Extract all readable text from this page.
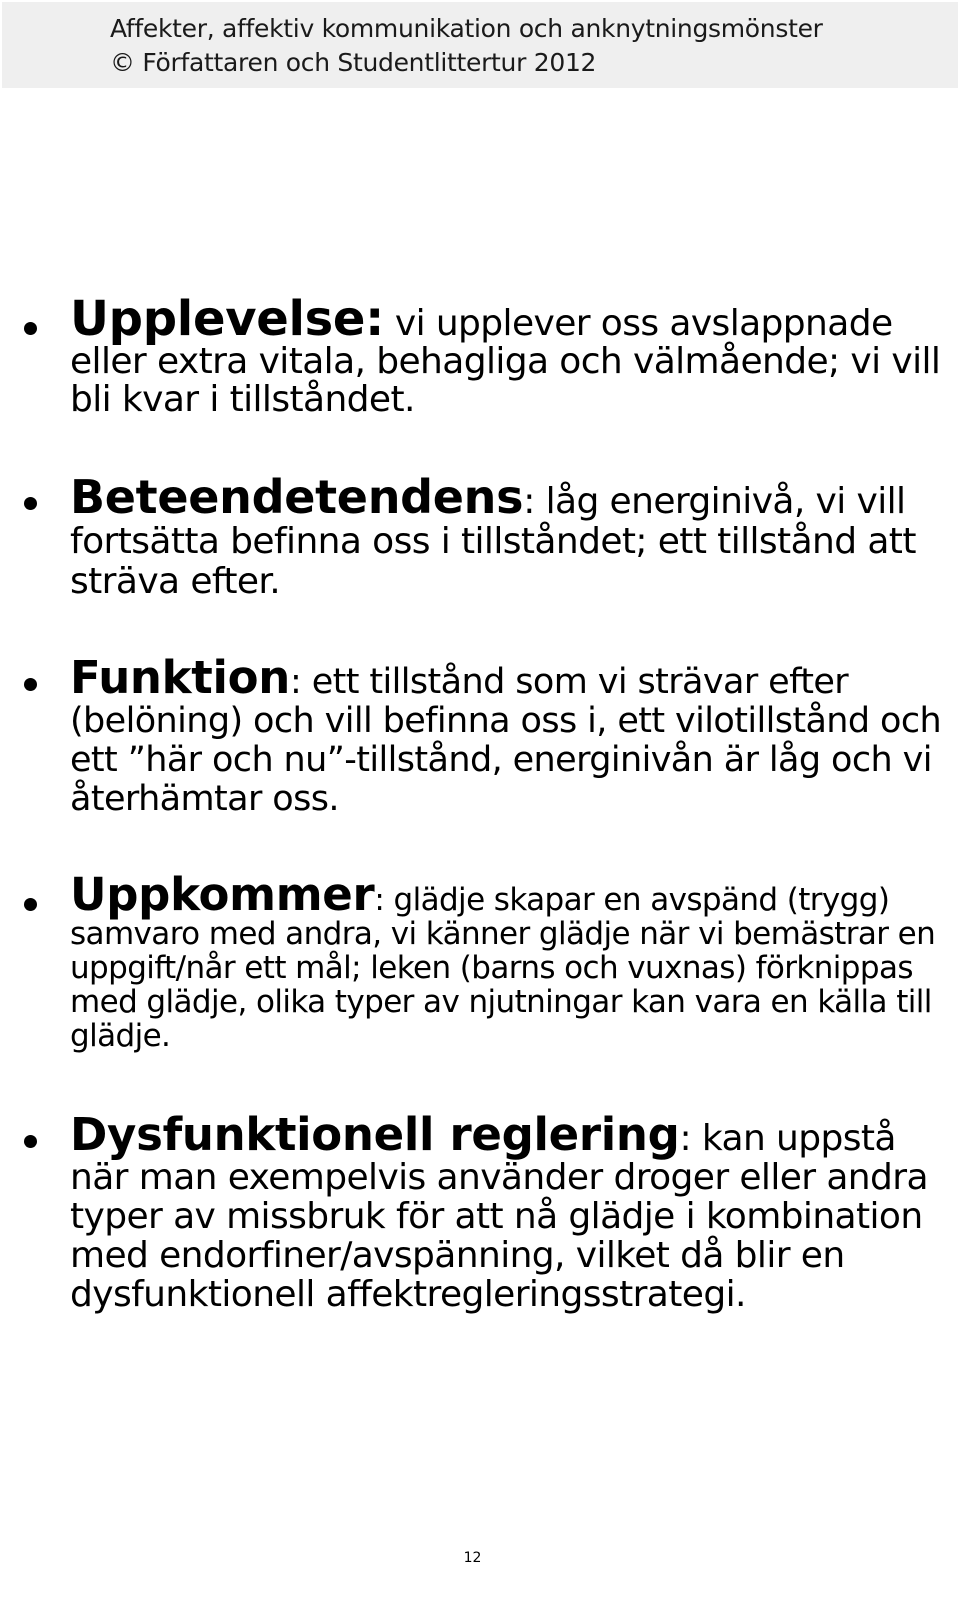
Affekter, affektiv kommunikation och anknytningsmönster
© Författaren och Studentlittertur 2012
Upplevelse: vi upplever oss avslappnade eller extra vitala, behagliga och välmående; vi vill bli kvar i tillståndet.
Beteendetendens: låg energinivå, vi vill fortsätta befinna oss i tillståndet; ett tillstånd att sträva efter.
Funktion: ett tillstånd som vi strävar efter (belöning) och vill befinna oss i, ett vilotillstånd och ett ”här och nu”-tillstånd, energinivån är låg och vi återhämtar oss.
Uppkommer: glädje skapar en avspänd (trygg) samvaro med andra, vi känner glädje när vi bemästrar en uppgift/når ett mål; leken (barns och vuxnas) förknippas med glädje, olika typer av njutningar kan vara en källa till glädje.
Dysfunktionell reglering: kan uppstå när man exempelvis använder droger eller andra typer av missbruk för att nå glädje i kombination med endorfiner/avspänning, vilket då blir en dysfunktionell affektregleringsstrategi.
12
